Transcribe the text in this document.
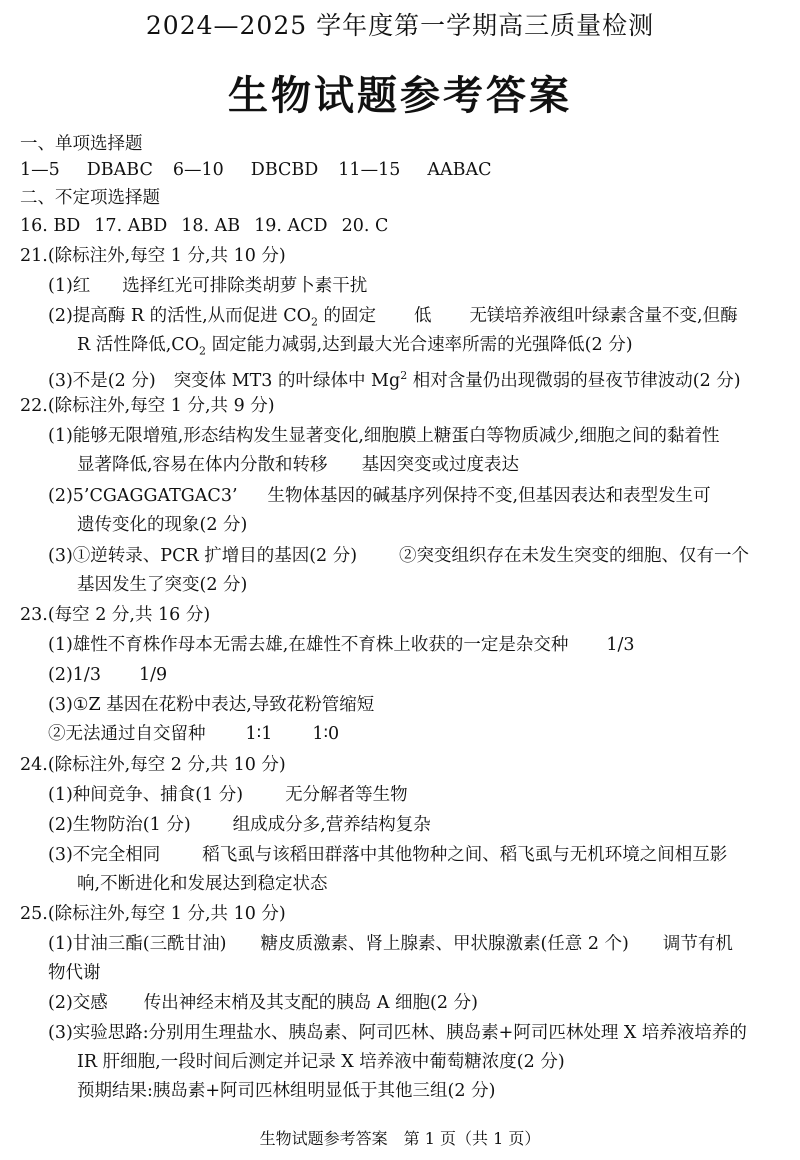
2024—2025 学年度第一学期高三质量检测
生物试题参考答案
一、单项选择题
1—5 DBABC 6—10 DBCBD 11—15 AABAC
二、不定项选择题
16. BD 17. ABD 18. AB 19. ACD 20. C
21.(除标注外,每空 1 分,共 10 分)
(1)红 选择红光可排除类胡萝卜素干扰
(2)提高酶 R 的活性,从而促进 $CO_2$ 的固定 低 无镁培养液组叶绿素含量不变,但酶
R 活性降低$,CO_2$ 固定能力减弱,达到最大光合速率所需的光强降低(2 分)
(3)不是(2 分) 突变体 MT3 的叶绿体中 Mg$^2$ 相对含量仍出现微弱的昼夜节律波动(2 分)
22.(除标注外,每空 1 分,共 9 分)
(1)能够无限增殖,形态结构发生显著变化,细胞膜上糖蛋白等物质减少,细胞之间的黏着性
显著降低,容易在体内分散和转移 基因突变或过度表达
(2)5’CGAGGATGAC3’ 生物体基因的碱基序列保持不变,但基因表达和表型发生可
遗传变化的现象(2 分)
(3)①逆转录、PCR 扩增目的基因(2 分) ②突变组织存在未发生突变的细胞、仅有一个
基因发生了突变(2 分)
23.(每空 2 分,共 16 分)
(1)雄性不育株作母本无需去雄,在雄性不育株上收获的一定是杂交种 1/3
(2)1/3 1/9
(3)①Z 基因在花粉中表达,导致花粉管缩短
②无法通过自交留种 1∶1 1∶0
24.(除标注外,每空 2 分,共 10 分)
(1)种间竞争、捕食(1 分) 无分解者等生物
(2)生物防治(1 分) 组成成分多,营养结构复杂
(3)不完全相同 稻飞虱与该稻田群落中其他物种之间、稻飞虱与无机环境之间相互影
响,不断进化和发展达到稳定状态
25.(除标注外,每空 1 分,共 10 分)
(1)甘油三酯(三酰甘油) 糖皮质激素、肾上腺素、甲状腺激素(任意 2 个) 调节有机
物代谢
(2)交感 传出神经末梢及其支配的胰岛 A 细胞(2 分)
(3)实验思路:分别用生理盐水、胰岛素、阿司匹林、胰岛素+阿司匹林处理 X 培养液培养的
IR 肝细胞,一段时间后测定并记录 X 培养液中葡萄糖浓度(2 分)
预期结果:胰岛素+阿司匹林组明显低于其他三组(2 分)
生物试题参考答案　第 1 页（共 1 页）
